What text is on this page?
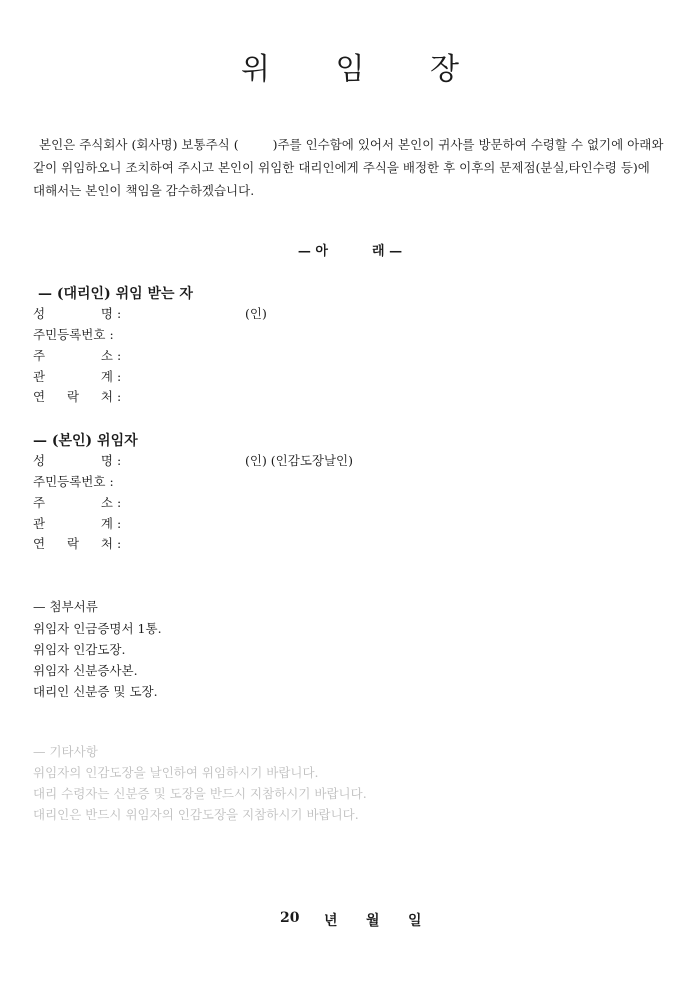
위 임 장
본인은 주식회사 (회사명) 보통주식 (	)주를 인수함에 있어서 본인이 귀사를 방문하여 수령할 수 없기에 아래와 같이 위임하오니 조치하여 주시고 본인이 위임한 대리인에게 주식을 배정한 후 이후의 문제점(분실,타인수령 등)에 대해서는 본인이 책임을 감수하겠습니다.
— 아	래 —
— (대리인) 위임 받는 자
성	명 :	(인)
주민등록번호 :
주	소 :
관	계 :
연 락 처 :
— (본인) 위임자
성	명 :	(인) (인감도장날인)
주민등록번호 :
주	소 :
관	계 :
연 락 처 :
— 첨부서류
위임자 인금증명서 1통.
위임자 인감도장.
위임자 신분증사본.
대리인 신분증 및 도장.
— 기타사항
위임자의 인감도장을 날인하여 위임하시기 바랍니다.
대리 수령자는 신분증 및 도장을 반드시 지참하시기 바랍니다.
대리인은 반드시 위임자의 인감도장을 지참하시기 바랍니다.
20 년 월 일
